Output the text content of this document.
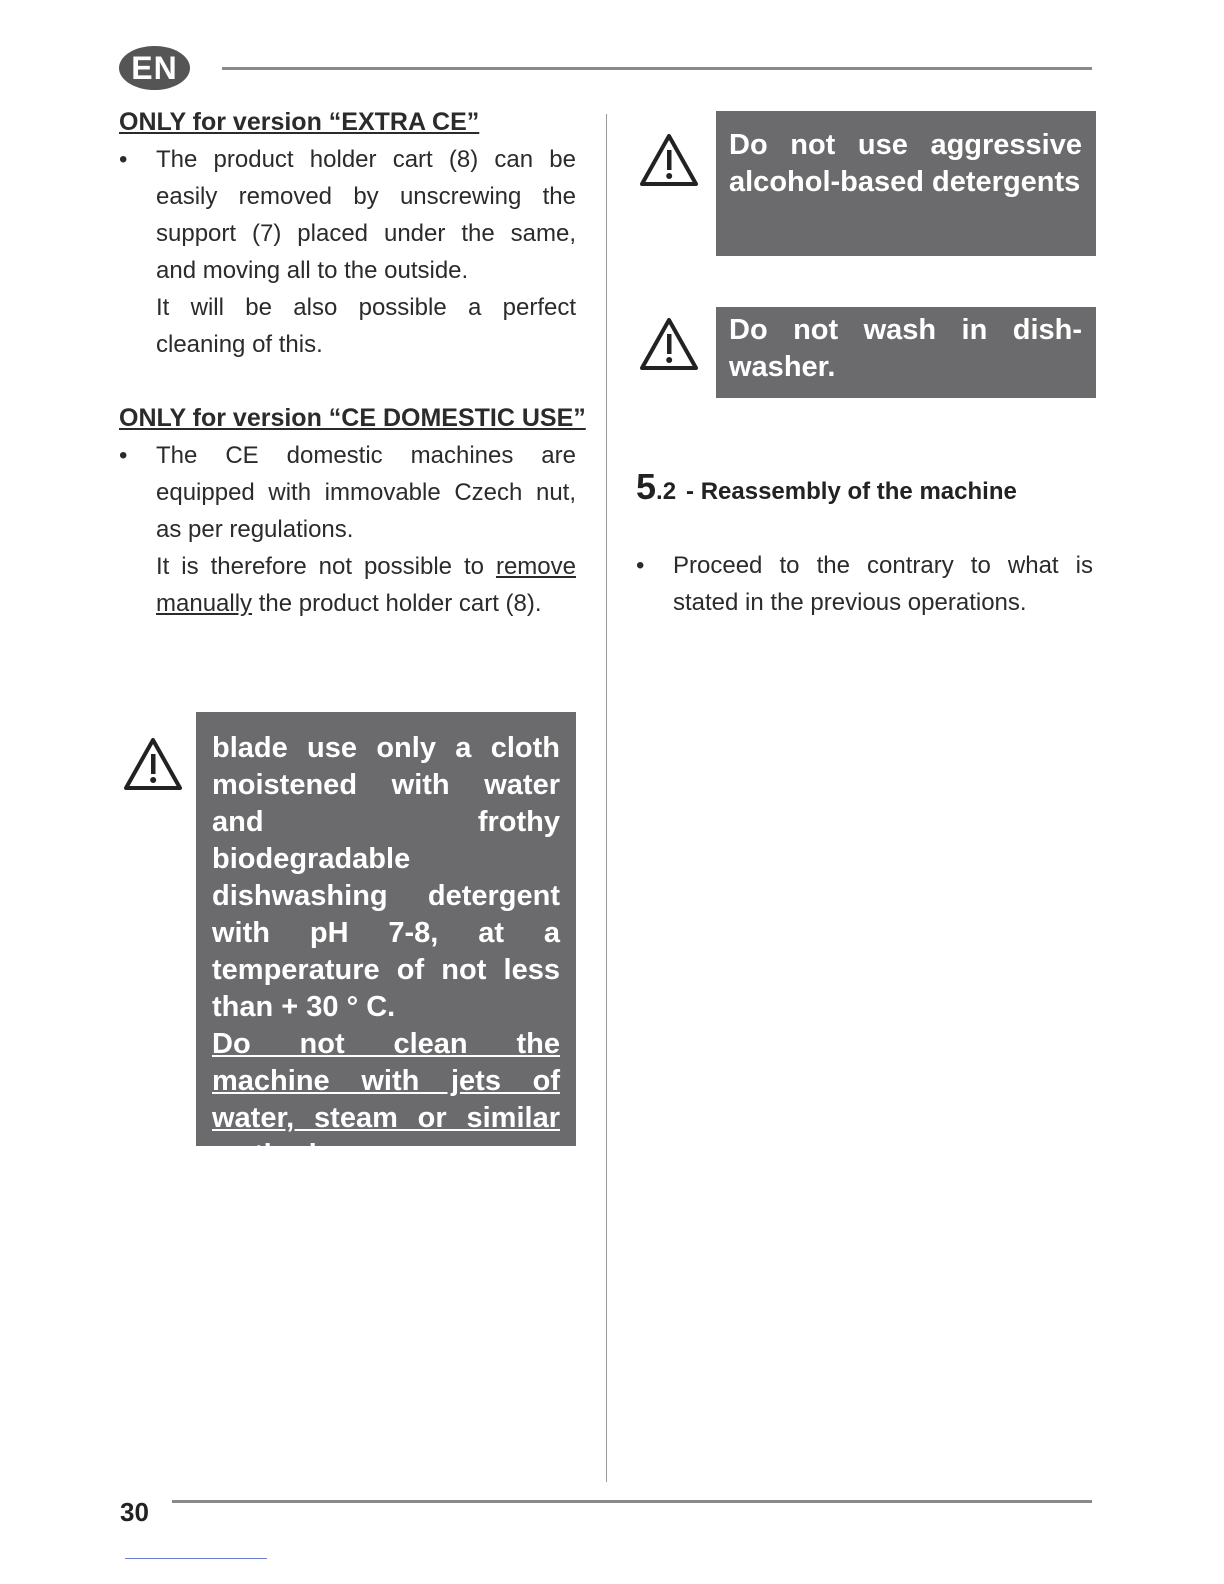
EN
ONLY for version “EXTRA CE”
• The product holder cart (8) can be easily removed by unscrewing the support (7) placed under the same, and moving all to the outside.
It will be also possible a perfect cleaning of this.
ONLY for version “CE DOMESTIC USE”
• The CE domestic machines are equipped with immovable Czech nut, as per regulations.
It is therefore not possible to remove manually the product holder cart (8).
blade use only a cloth moistened with water and frothy biodegradable dishwashing detergent with pH 7-8, at a temperature of not less than + 30 ° C.
Do not clean the machine with jets of water, steam or similar methods.
Do not use aggressive alcohol-based detergents
Do not wash in dish-washer.
5.2 - Reassembly of the machine
• Proceed to the contrary to what is stated in the previous operations.
30
